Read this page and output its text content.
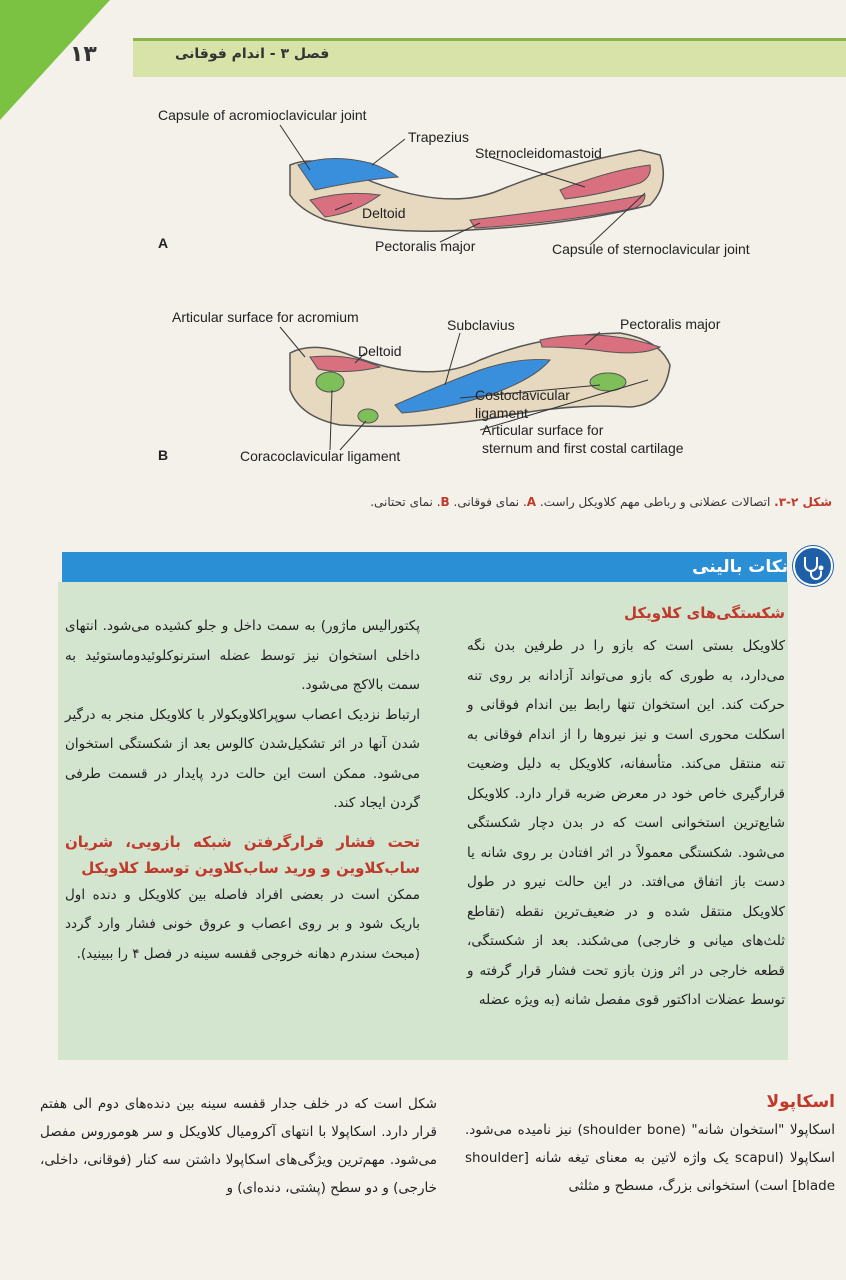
۱۳	فصل ۳ - اندام فوقانی
Capsule of acromioclavicular joint
Trapezius
Sternocleidomastoid
Deltoid
Pectoralis major	Capsule of sternoclavicular joint
A
Articular surface for acromium	Subclavius	Pectoralis major
Deltoid
Costoclavicular
ligament
Articular surface for
sternum and first costal cartilage
Coracoclavicular ligament
B
شکل ۲-۳. اتصالات عضلانی و رباطی مهم کلاویکل راست. A. نمای فوقانی. B. نمای تحتانی.
نکات بالینی

شکستگی‌های کلاویکل

کلاویکل بستی است که بازو را در طرفین بدن نگه می‌دارد، به طوری که بازو می‌تواند آزادانه بر روی تنه حرکت کند. این استخوان تنها رابط بین اندام فوقانی و اسکلت محوری است و نیز نیروها را از اندام فوقانی به تنه منتقل می‌کند. متأسفانه، کلاویکل به دلیل وضعیت قرارگیری خاص خود در معرض ضربه قرار دارد. کلاویکل شایع‌ترین استخوانی است که در بدن دچار شکستگی می‌شود. شکستگی معمولاً در اثر افتادن بر روی شانه یا دست باز اتفاق می‌افتد. در این حالت نیرو در طول کلاویکل منتقل شده و در ضعیف‌ترین نقطه (تقاطع ثلث‌های میانی و خارجی) می‌شکند. بعد از شکستگی، قطعه خارجی در اثر وزن بازو تحت فشار قرار گرفته و توسط عضلات اداکتور قوی مفصل شانه (به ویژه عضله

پکتورالیس ماژور) به سمت داخل و جلو کشیده می‌شود. انتهای داخلی استخوان نیز توسط عضله استرنوکلوئیدوماستوئید به سمت بالاکج می‌شود.

ارتباط نزدیک اعصاب سوپراکلاویکولار با کلاویکل منجر به درگیر شدن آنها در اثر تشکیل‌شدن کالوس بعد از شکستگی استخوان می‌شود. ممکن است این حالت درد پایدار در قسمت طرفی گردن ایجاد کند.

تحت فشار قرارگرفتن شبکه بازویی، شریان ساب‌کلاوین و ورید ساب‌کلاوین توسط کلاویکل

ممکن است در بعضی افراد فاصله بین کلاویکل و دنده اول باریک شود و بر روی اعصاب و عروق خونی فشار وارد گردد (مبحث سندرم دهانه خروجی قفسه سینه در فصل ۴ را ببینید).

اسکاپولا

اسکاپولا "استخوان شانه" (shoulder bone) نیز نامیده می‌شود. اسکاپولا (scapul یک واژه لاتین به معنای تیغه شانه [shoulder blade] است) استخوانی بزرگ، مسطح و مثلثی

شکل است که در خلف جدار قفسه سینه بین دنده‌های دوم الی هفتم قرار دارد. اسکاپولا با انتهای آکرومیال کلاویکل و سر هوموروس مفصل می‌شود. مهم‌ترین ویژگی‌های اسکاپولا داشتن سه کنار (فوقانی، داخلی، خارجی) و دو سطح (پشتی، دنده‌ای) و
